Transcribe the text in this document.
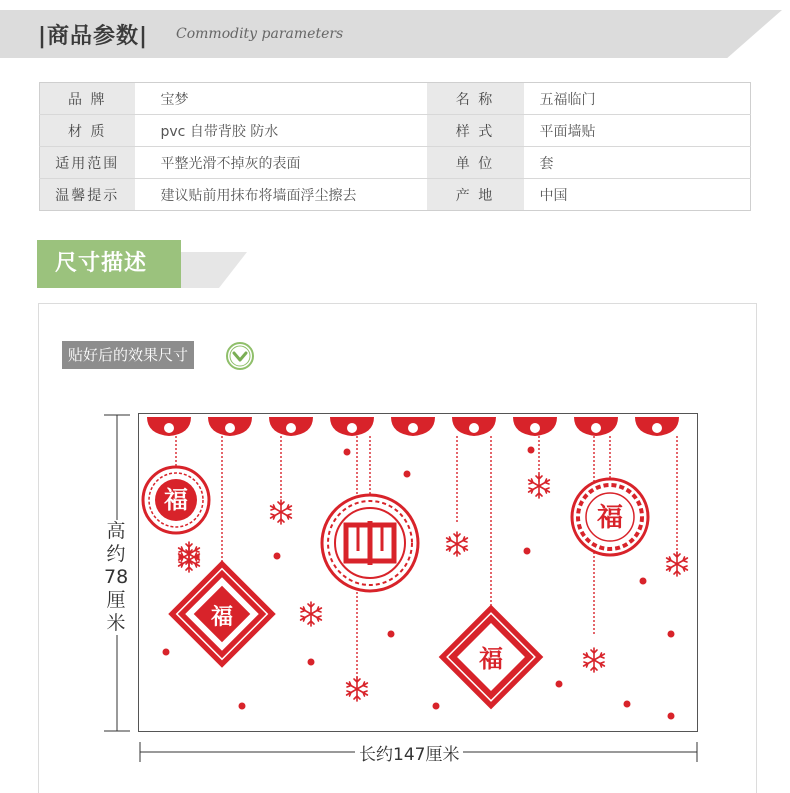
|商品参数| Commodity parameters
品 牌	宝梦	名 称	五福临门
材 质	pvc 自带背胶 防水	样 式	平面墙贴
适用范围	平整光滑不掉灰的表面	单 位	套
温馨提示	建议贴前用抹布将墙面浮尘擦去	产 地	中国
尺寸描述
贴好后的效果尺寸
高约78厘米
长约147厘米
福
福
福
福
